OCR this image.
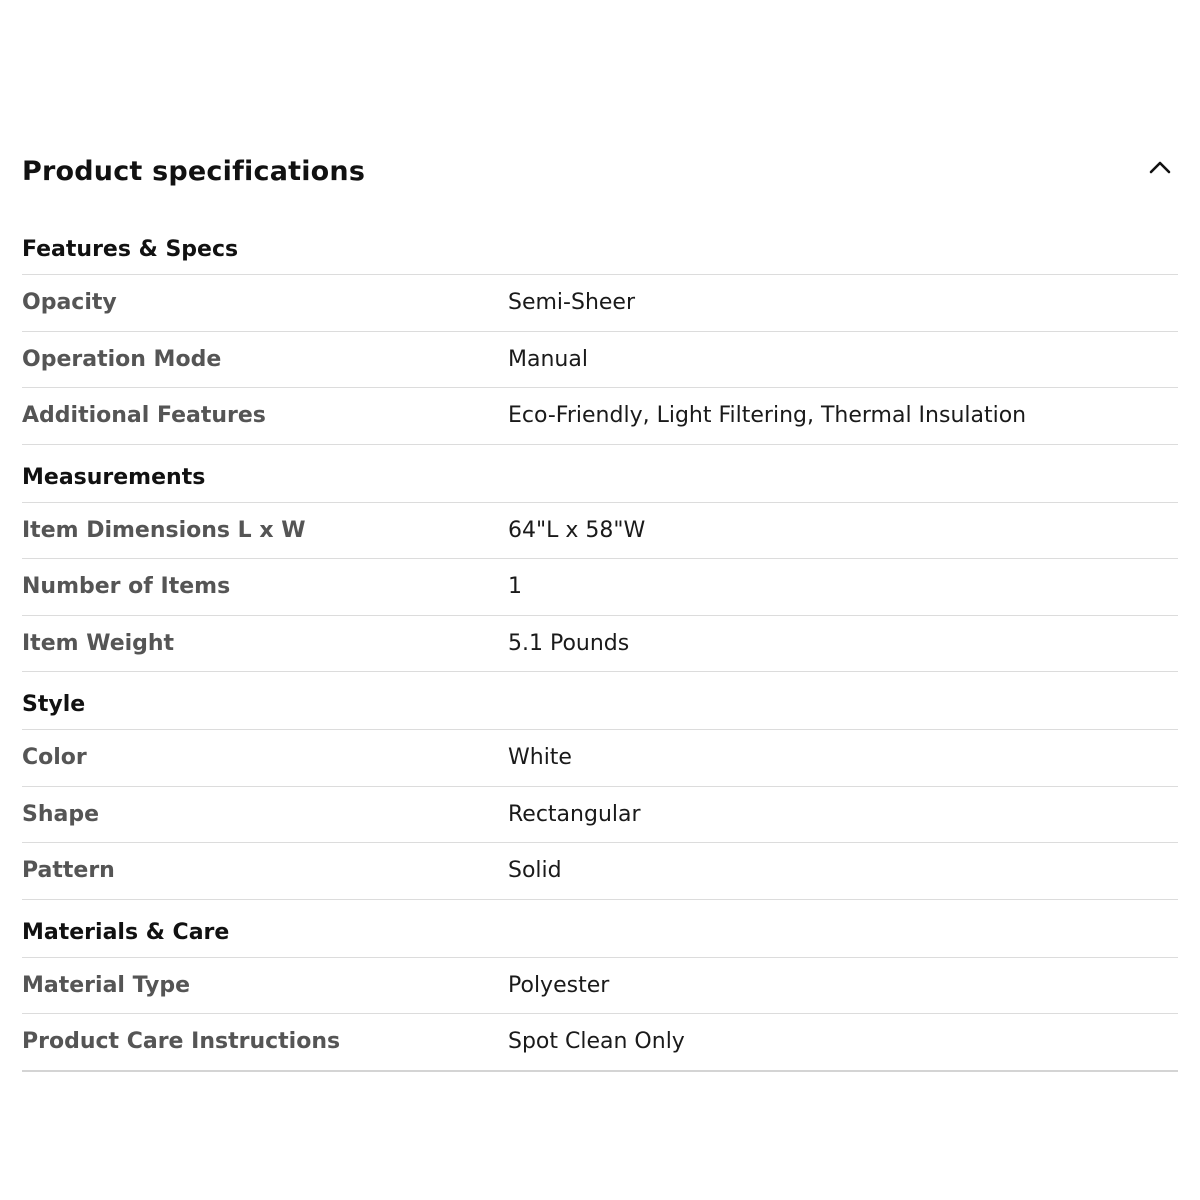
Product specifications
Features & Specs
Opacity	Semi-Sheer
Operation Mode	Manual
Additional Features	Eco-Friendly, Light Filtering, Thermal Insulation
Measurements
Item Dimensions L x W	64"L x 58"W
Number of Items	1
Item Weight	5.1 Pounds
Style
Color	White
Shape	Rectangular
Pattern	Solid
Materials & Care
Material Type	Polyester
Product Care Instructions	Spot Clean Only
